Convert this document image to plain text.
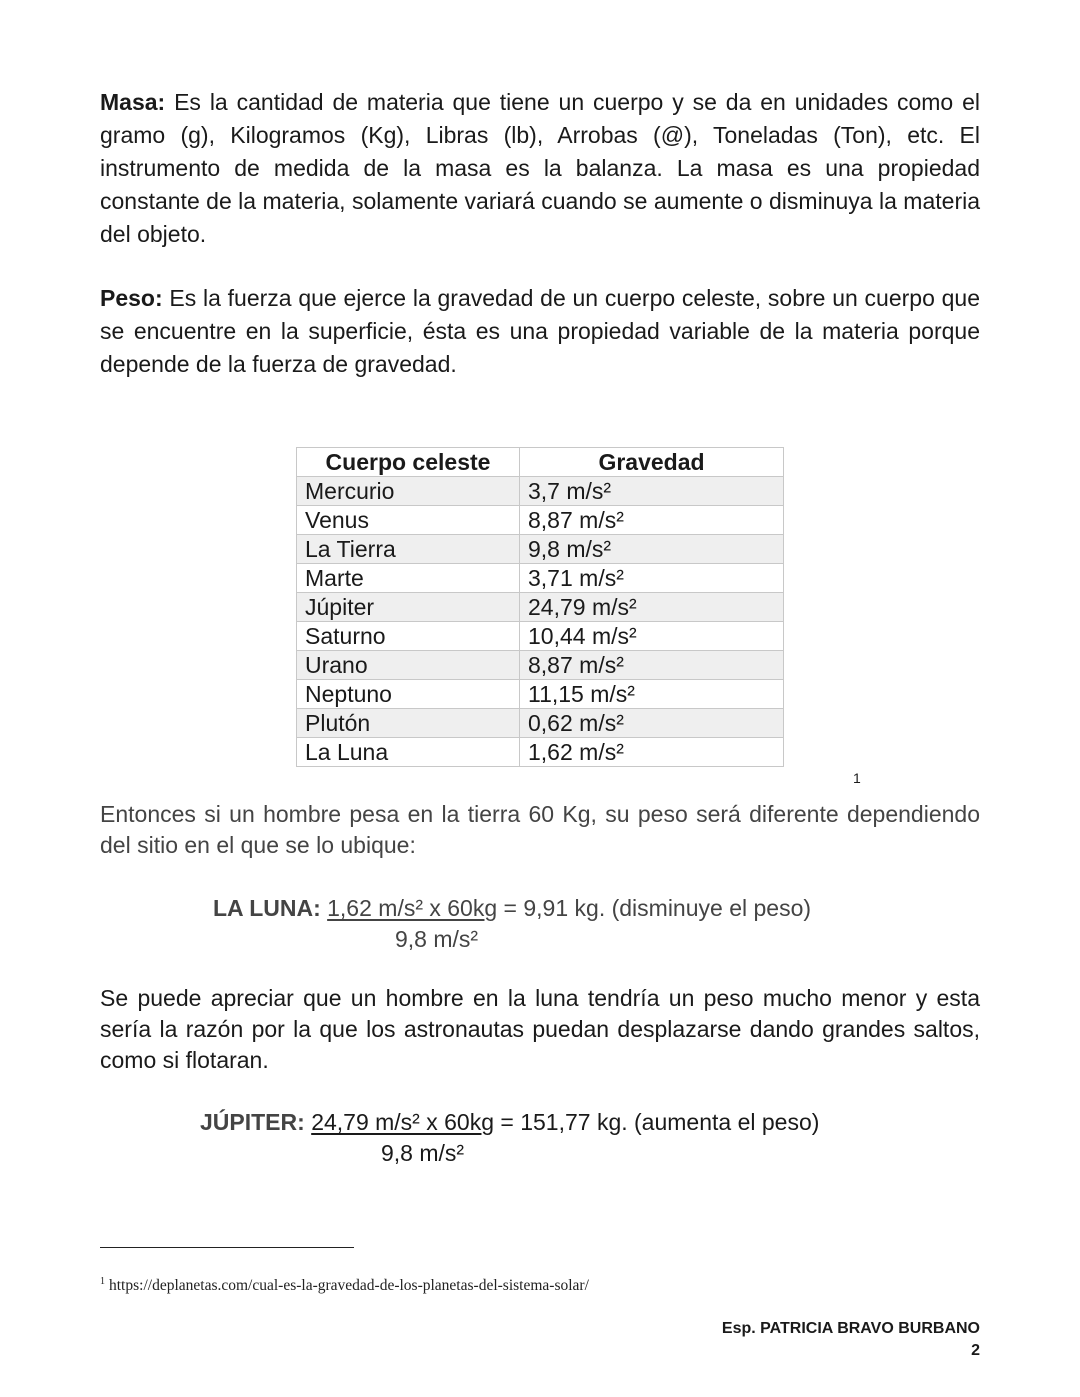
Masa: Es la cantidad de materia que tiene un cuerpo y se da en unidades como el gramo (g), Kilogramos (Kg), Libras (lb), Arrobas (@), Toneladas (Ton), etc. El instrumento de medida de la masa es la balanza. La masa es una propiedad constante de la materia, solamente variará cuando se aumente o disminuya la materia del objeto.

Peso: Es la fuerza que ejerce la gravedad de un cuerpo celeste, sobre un cuerpo que se encuentre en la superficie, ésta es una propiedad variable de la materia porque depende de la fuerza de gravedad.

Cuerpo celeste	Gravedad
Mercurio	3,7 m/s²
Venus	8,87 m/s²
La Tierra	9,8 m/s²
Marte	3,71 m/s²
Júpiter	24,79 m/s²
Saturno	10,44 m/s²
Urano	8,87 m/s²
Neptuno	11,15 m/s²
Plutón	0,62 m/s²
La Luna	1,62 m/s²
1

Entonces si un hombre pesa en la tierra 60 Kg, su peso será diferente dependiendo del sitio en el que se lo ubique:

LA LUNA: 1,62 m/s² x 60kg = 9,91 kg. (disminuye el peso)
9,8 m/s²

Se puede apreciar que un hombre en la luna tendría un peso mucho menor y esta sería la razón por la que los astronautas puedan desplazarse dando grandes saltos, como si flotaran.

JÚPITER: 24,79 m/s² x 60kg = 151,77 kg. (aumenta el peso)
9,8 m/s²
$^1$ https://deplanetas.com/cual-es-la-gravedad-de-los-planetas-del-sistema-solar/
Esp. PATRICIA BRAVO BURBANO
2
